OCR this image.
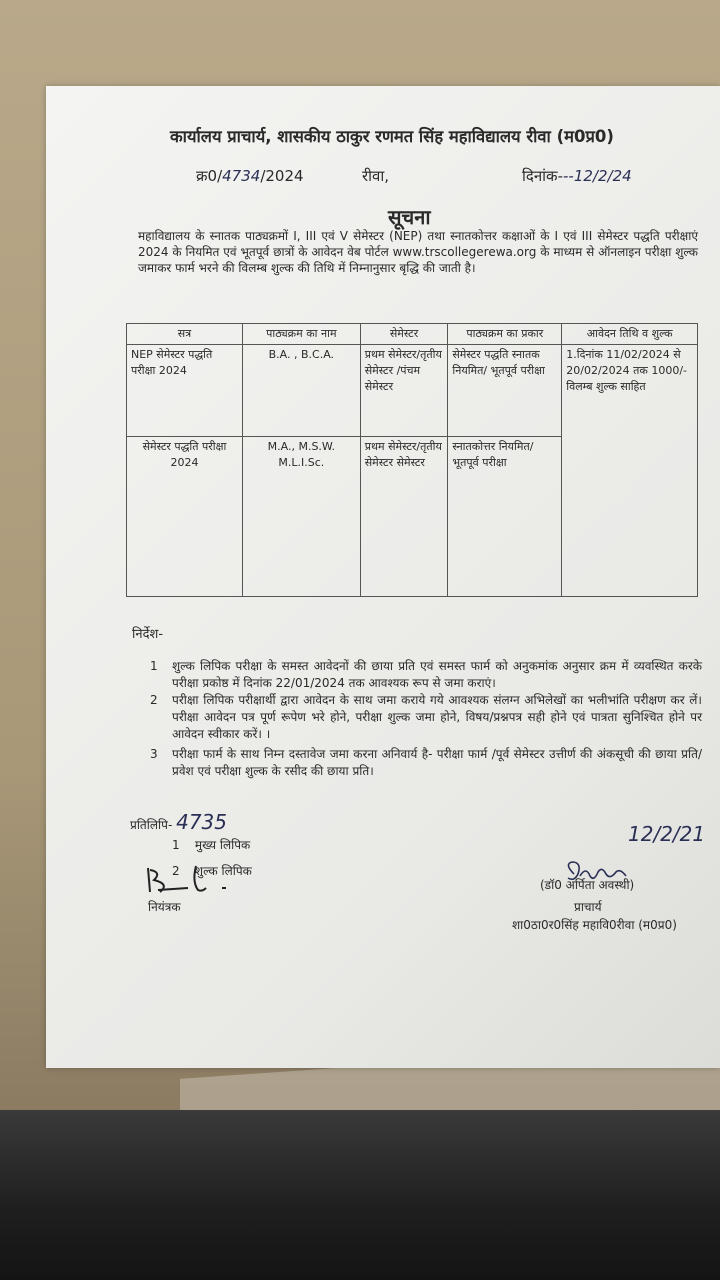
कार्यालय प्राचार्य, शासकीय ठाकुर रणमत सिंह महाविद्यालय रीवा (म0प्र0)
क्र0/4734/2024	रीवा,	दिनांक---12/2/24
सूचना
महाविद्यालय के स्नातक पाठ्यक्रमों I, III एवं V सेमेस्टर (NEP) तथा स्नातकोत्तर कक्षाओं के I एवं III सेमेस्टर पद्धति परीक्षाएं 2024 के नियमित एवं भूतपूर्व छात्रों के आवेदन वेब पोर्टल www.trscollegerewa.org के माध्यम से ऑनलाइन परीक्षा शुल्क जमाकर फार्म भरने की विलम्ब शुल्क की तिथि में निम्नानुसार बृद्धि की जाती है।
सत्र	पाठ्यक्रम का नाम	सेमेस्टर	पाठ्यक्रम का प्रकार	आवेदन तिथि व शुल्क
NEP सेमेस्टर पद्धति परीक्षा 2024	B.A. , B.C.A.	प्रथम सेमेस्टर/तृतीय सेमेस्टर /पंचम सेमेस्टर	सेमेस्टर पद्धति स्नातक नियमित/ भूतपूर्व परीक्षा	1.दिनांक 11/02/2024 से 20/02/2024 तक 1000/- विलम्ब शुल्क साहित
सेमेस्टर पद्धति परीक्षा 2024	M.A., M.S.W. M.L.I.Sc.	प्रथम सेमेस्टर/तृतीय सेमेस्टर सेमेस्टर	स्नातकोत्तर नियमित/ भूतपूर्व परीक्षा	
निर्देश-
1 शुल्क लिपिक परीक्षा के समस्त आवेदनों की छाया प्रति एवं समस्त फार्म को अनुकमांक अनुसार क्रम में व्यवस्थित करके परीक्षा प्रकोष्ठ में दिनांक 22/01/2024 तक आवश्यक रूप से जमा कराएं।
2 परीक्षा लिपिक परीक्षार्थी द्वारा आवेदन के साथ जमा कराये गये आवश्यक संलग्न अभिलेखों का भलीभांति परीक्षण कर लें। परीक्षा आवेदन पत्र पूर्ण रूपेण भरे होने, परीक्षा शुल्क जमा होने, विषय/प्रश्नपत्र सही होने एवं पात्रता सुनिश्चित होने पर आवेदन स्वीकार करें। ।
3 परीक्षा फार्म के साथ निम्न दस्तावेज जमा करना अनिवार्य है- परीक्षा फार्म /पूर्व सेमेस्टर उत्तीर्ण की अंकसूची की छाया प्रति/ प्रवेश एवं परीक्षा शुल्क के रसीद की छाया प्रति।
प्रतिलिपि- 4735
1 मुख्य लिपिक
2 शुल्क लिपिक
नियंत्रक
12/2/21
(डॉ0 अर्पिता अवस्थी)
प्राचार्य
शा0ठा0र0सिंह महावि0रीवा (म0प्र0)
